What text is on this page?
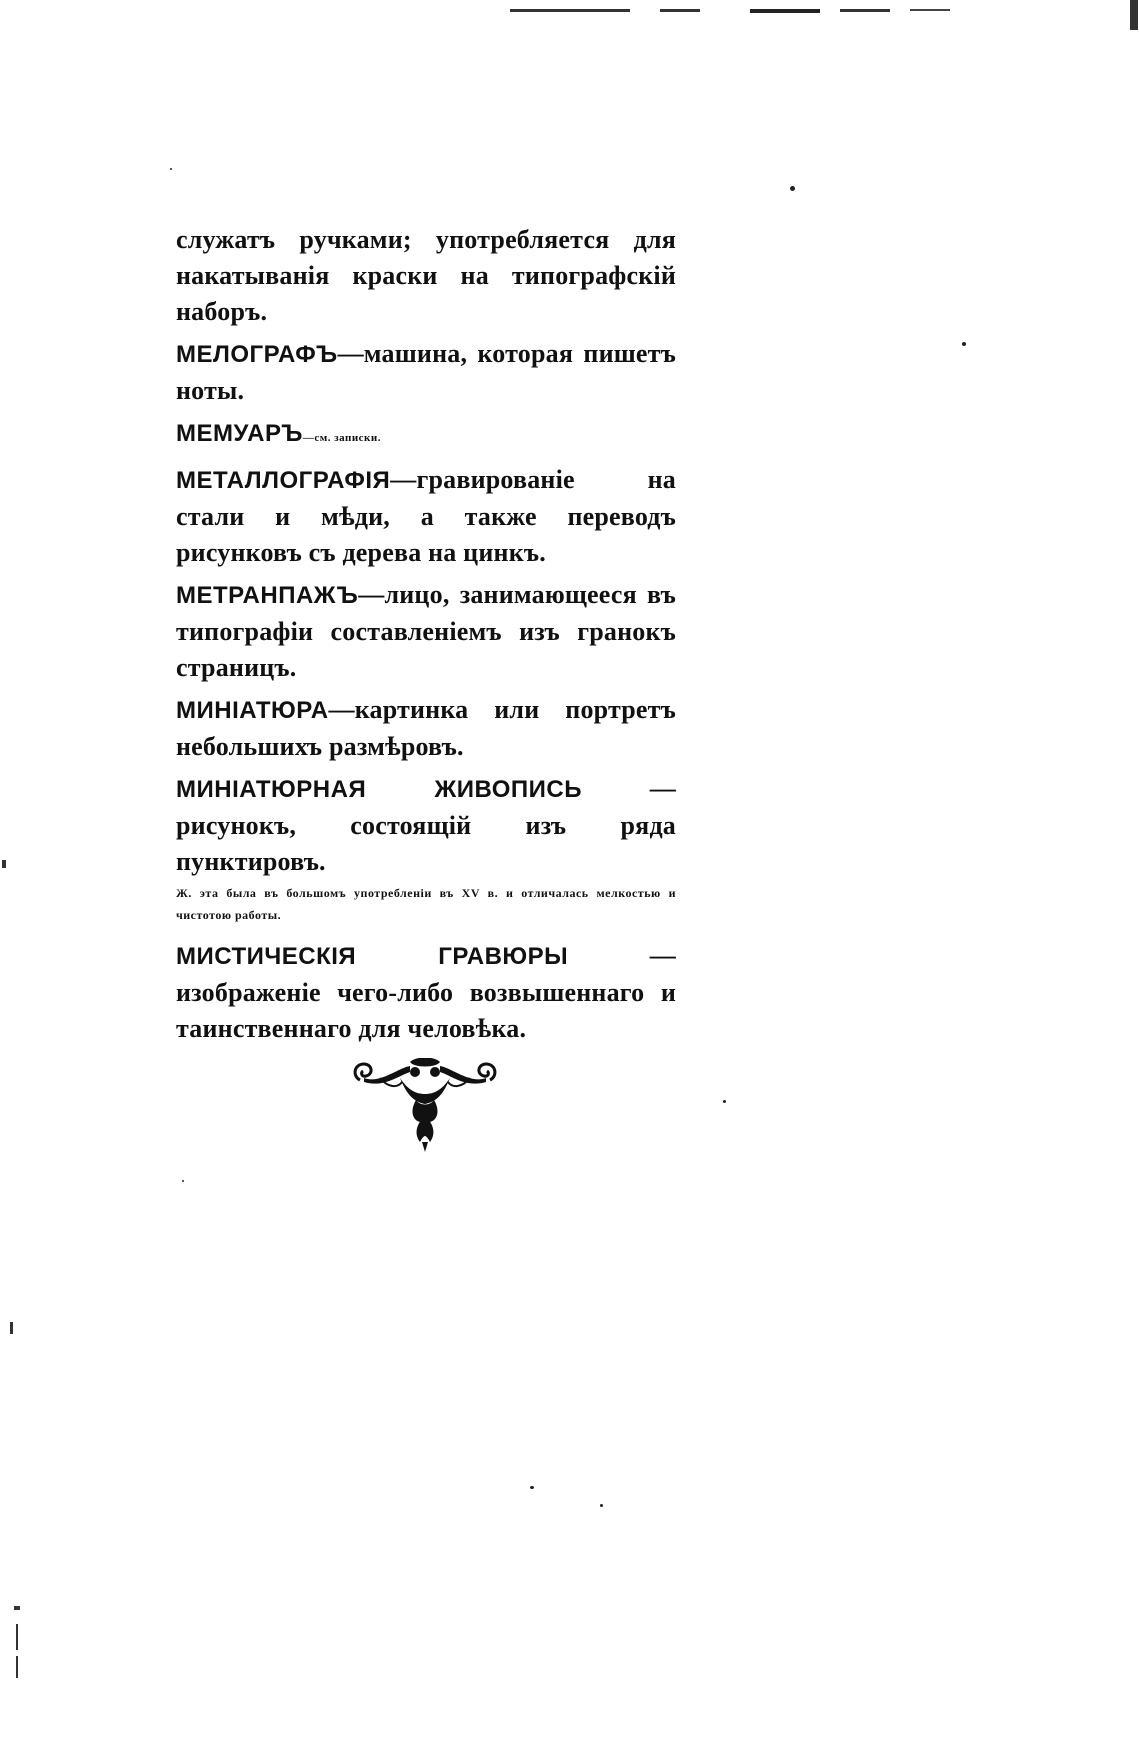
служатъ ручками; употребляется для накатыванія краски на типографскій наборъ.

МЕЛОГРАФЪ—машина, которая пишетъ ноты.

МЕМУАРЪ—см. записки.

МЕТАЛЛОГРАФІЯ—гравированіе на стали и мѣди, а также переводъ рисунковъ съ дерева на цинкъ.

МЕТРАНПАЖЪ—лицо, занимающееся въ типографіи составленіемъ изъ гранокъ страницъ.

МИНІАТЮРА—картинка или портретъ небольшихъ размѣровъ.

МИНІАТЮРНАЯ ЖИВОПИСЬ — рисунокъ, состоящій изъ ряда пунктировъ.

Ж. эта была въ большомъ употребленіи въ XV в. и отличалась мелкостью и чистотою работы.

МИСТИЧЕСКІЯ ГРАВЮРЫ — изображеніе чего-либо возвышеннаго и таинственнаго для человѣка.
